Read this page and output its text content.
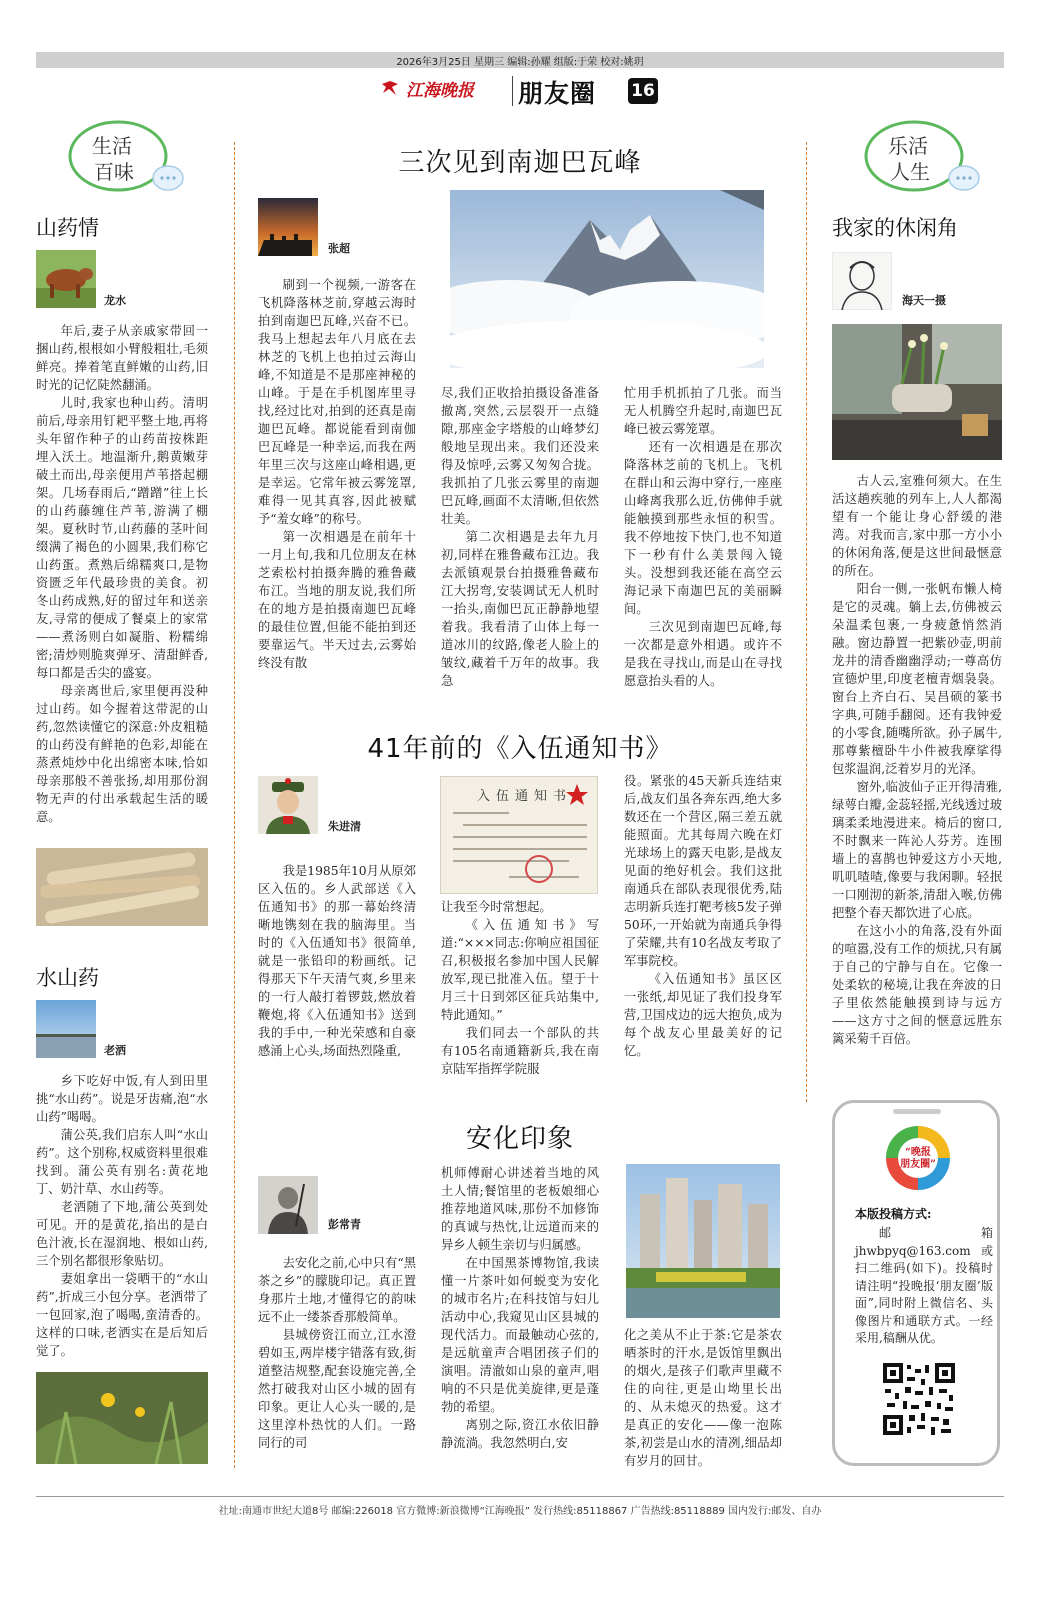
2026年3月25日 星期三 编辑:孙耀 组版:于荣 校对:姚玥
江海晚报 朋友圈 16
生活
百味
山药情
龙水

年后,妻子从亲戚家带回一捆山药,根根如小臂般粗壮,毛须鲜亮。捧着笔直鲜嫩的山药,旧时光的记忆陡然翻涌。

儿时,我家也种山药。清明前后,母亲用钉耙平整土地,再将头年留作种子的山药苗按株距埋入沃土。地温渐升,鹅黄嫩芽破土而出,母亲便用芦苇搭起棚架。几场春雨后,“蹭蹭”往上长的山药藤缠住芦苇,游满了棚架。夏秋时节,山药藤的茎叶间缀满了褐色的小圆果,我们称它山药蛋。煮熟后绵糯爽口,是物资匮乏年代最珍贵的美食。初冬山药成熟,好的留过年和送亲友,寻常的便成了餐桌上的家常——煮汤则白如凝脂、粉糯绵密;清炒则脆爽弹牙、清甜鲜香,每口都是舌尖的盛宴。

母亲离世后,家里便再没种过山药。如今握着这带泥的山药,忽然读懂它的深意:外皮粗糙的山药没有鲜艳的色彩,却能在蒸煮炖炒中化出绵密本味,恰如母亲那般不善张扬,却用那份润物无声的付出承载起生活的暖意。

水山药
老洒

乡下吃好中饭,有人到田里挑“水山药”。说是牙齿痛,泡“水山药”喝喝。

蒲公英,我们启东人叫“水山药”。这个别称,权威资料里很难找到。蒲公英有别名:黄花地丁、奶汁草、水山药等。

老洒随了下地,蒲公英到处可见。开的是黄花,掐出的是白色汁液,长在湿润地、根如山药,三个别名都很形象贴切。

妻姐拿出一袋晒干的“水山药”,折成三小包分享。老洒带了一包回家,泡了喝喝,蛮清香的。这样的口味,老洒实在是后知后觉了。

三次见到南迦巴瓦峰
张超

刷到一个视频,一游客在飞机降落林芝前,穿越云海时拍到南迦巴瓦峰,兴奋不已。我马上想起去年八月底在去林芝的飞机上也拍过云海山峰,不知道是不是那座神秘的山峰。于是在手机图库里寻找,经过比对,拍到的还真是南迦巴瓦峰。都说能看到南伽巴瓦峰是一种幸运,而我在两年里三次与这座山峰相遇,更是幸运。它常年被云雾笼罩,难得一见其真容,因此被赋予“羞女峰”的称号。

第一次相遇是在前年十一月上旬,我和几位朋友在林芝索松村拍摄奔腾的雅鲁藏布江。当地的朋友说,我们所在的地方是拍摄南迦巴瓦峰的最佳位置,但能不能拍到还要靠运气。半天过去,云雾始终没有散

尽,我们正收拾拍摄设备准备撤离,突然,云层裂开一点缝隙,那座金字塔般的山峰梦幻般地呈现出来。我们还没来得及惊呼,云雾又匆匆合拢。我抓拍了几张云雾里的南迦巴瓦峰,画面不太清晰,但依然壮美。

第二次相遇是去年九月初,同样在雅鲁藏布江边。我去派镇观景台拍摄雅鲁藏布江大拐弯,安装调试无人机时一抬头,南伽巴瓦正静静地望着我。我看清了山体上每一道冰川的纹路,像老人脸上的皱纹,藏着千万年的故事。我急

忙用手机抓拍了几张。而当无人机腾空升起时,南迦巴瓦峰已被云雾笼罩。

还有一次相遇是在那次降落林芝前的飞机上。飞机在群山和云海中穿行,一座座山峰离我那么近,仿佛伸手就能触摸到那些永恒的积雪。我不停地按下快门,也不知道下一秒有什么美景闯入镜头。没想到我还能在高空云海记录下南迦巴瓦的美丽瞬间。

三次见到南迦巴瓦峰,每一次都是意外相遇。或许不是我在寻找山,而是山在寻找愿意抬头看的人。

41年前的《入伍通知书》
朱进清
入伍通知书

我是1985年10月从原郊区入伍的。乡人武部送《入伍通知书》的那一幕始终清晰地镌刻在我的脑海里。当时的《入伍通知书》很简单,就是一张铅印的粉画纸。记得那天下午天清气爽,乡里来的一行人敲打着锣鼓,燃放着鞭炮,将《入伍通知书》送到我的手中,一种光荣感和自豪感涌上心头,场面热烈隆重,

让我至今时常想起。

《入伍通知书》写道:“×××同志:你响应祖国征召,积极报名参加中国人民解放军,现已批准入伍。望于十月三十日到郊区征兵站集中,特此通知。”

我们同去一个部队的共有105名南通籍新兵,我在南京陆军指挥学院服

役。紧张的45天新兵连结束后,战友们虽各奔东西,绝大多数还在一个营区,隔三差五就能照面。尤其每周六晚在灯光球场上的露天电影,是战友见面的绝好机会。我们这批南通兵在部队表现很优秀,陆志明新兵连打靶考核5发子弹50环,一开始就为南通兵争得了荣耀,共有10名战友考取了军事院校。

《入伍通知书》虽区区一张纸,却见证了我们投身军营,卫国戍边的远大抱负,成为每个战友心里最美好的记忆。

安化印象
彭常青

去安化之前,心中只有“黑茶之乡”的朦胧印记。真正置身那片土地,才懂得它的韵味远不止一缕茶香那般简单。

县城傍资江而立,江水澄碧如玉,两岸楼宇错落有致,街道整洁规整,配套设施完善,全然打破我对山区小城的固有印象。更让人心头一暖的,是这里淳朴热忱的人们。一路同行的司

机师傅耐心讲述着当地的风土人情;餐馆里的老板娘细心推荐地道风味,那份不加修饰的真诚与热忱,让远道而来的异乡人顿生亲切与归属感。

在中国黑茶博物馆,我读懂一片茶叶如何蜕变为安化的城市名片;在科技馆与妇儿活动中心,我窥见山区县城的现代活力。而最触动心弦的,是远航童声合唱团孩子们的演唱。清澈如山泉的童声,唱响的不只是优美旋律,更是蓬勃的希望。

离别之际,资江水依旧静静流淌。我忽然明白,安

化之美从不止于茶:它是茶农晒茶时的汗水,是饭馆里飘出的烟火,是孩子们歌声里藏不住的向往,更是山坳里长出的、从未熄灭的热爱。这才是真正的安化——像一泡陈茶,初尝是山水的清冽,细品却有岁月的回甘。

乐活
人生
我家的休闲角
海天一摄

古人云,室雅何须大。在生活这趟疾驰的列车上,人人都渴望有一个能让身心舒缓的港湾。对我而言,家中那一方小小的休闲角落,便是这世间最惬意的所在。

阳台一侧,一张帆布懒人椅是它的灵魂。躺上去,仿佛被云朵温柔包裹,一身疲惫悄然消融。窗边静置一把紫砂壶,明前龙井的清香幽幽浮动;一尊高仿宣德炉里,印度老檀青烟袅袅。窗台上齐白石、吴昌硕的篆书字典,可随手翻阅。还有我钟爱的小零食,随嘴所欲。孙子属牛,那尊紫檀卧牛小件被我摩挲得包浆温润,泛着岁月的光泽。

窗外,临波仙子正开得清雅,绿萼白瓣,金蕊轻摇,光线透过玻璃柔柔地漫进来。椅后的窗口,不时飘来一阵沁人芬芳。连围墙上的喜鹊也钟爱这方小天地,叽叽喳喳,像要与我闲聊。轻抿一口刚沏的新茶,清甜入喉,仿佛把整个春天都饮进了心底。

在这小小的角落,没有外面的喧嚣,没有工作的烦扰,只有属于自己的宁静与自在。它像一处柔软的秘境,让我在奔波的日子里依然能触摸到诗与远方——这方寸之间的惬意远胜东篱采菊千百倍。

“晚报
朋友圈”
本版投稿方式:

邮箱jhwbpyq@163.com或扫二维码(如下)。投稿时请注明“投晚报‘朋友圈’版面”,同时附上微信名、头像图片和通联方式。一经采用,稿酬从优。

社址:南通市世纪大道8号 邮编:226018 官方微博:新浪微博“江海晚报” 发行热线:85118867 广告热线:85118889 国内发行:邮发、自办
